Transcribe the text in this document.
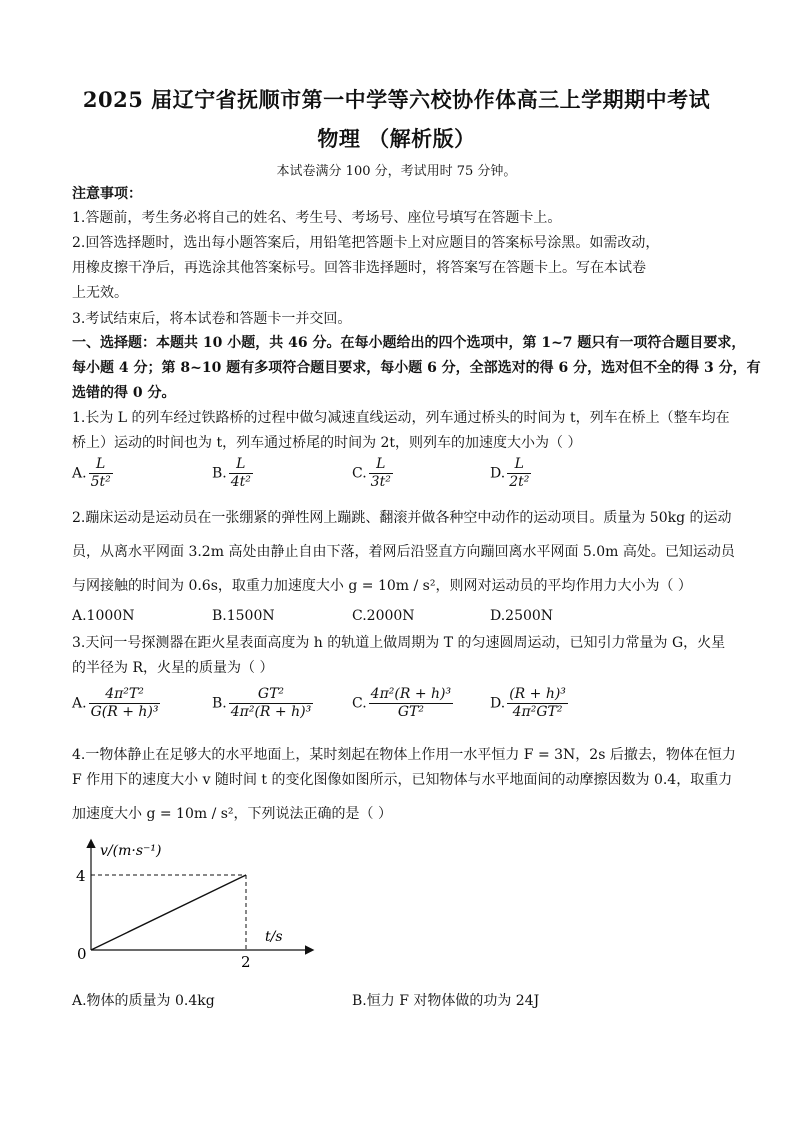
2025 届辽宁省抚顺市第一中学等六校协作体高三上学期期中考试
物理 （解析版）
本试卷满分 100 分，考试用时 75 分钟。
注意事项：
1.答题前，考生务必将自己的姓名、考生号、考场号、座位号填写在答题卡上。
2.回答选择题时，选出每小题答案后，用铅笔把答题卡上对应题目的答案标号涂黑。如需改动，
用橡皮擦干净后，再选涂其他答案标号。回答非选择题时，将答案写在答题卡上。写在本试卷
上无效。
3.考试结束后，将本试卷和答题卡一并交回。
一、选择题：本题共 10 小题，共 46 分。在每小题给出的四个选项中，第 1~7 题只有一项符合题目要求，
每小题 4 分；第 8~10 题有多项符合题目要求，每小题 6 分，全部选对的得 6 分，选对但不全的得 3 分，有
选错的得 0 分。
1.长为 L 的列车经过铁路桥的过程中做匀减速直线运动，列车通过桥头的时间为 t，列车在桥上（整车均在
桥上）运动的时间也为 t，列车通过桥尾的时间为 2t，则列车的加速度大小为（ ）
A. $\frac{L}{\text{5t²}}$	B. $\frac{L}{\text{4t²}}$	C. $\frac{L}{\text{3t²}}$	D. $\frac{L}{\text{2t²}}$
2.蹦床运动是运动员在一张绷紧的弹性网上蹦跳、翻滚并做各种空中动作的运动项目。质量为 50kg 的运动
员，从离水平网面 3.2m 高处由静止自由下落，着网后沿竖直方向蹦回离水平网面 5.0m 高处。已知运动员
与网接触的时间为 0.6s，取重力加速度大小 g = 10m / s²，则网对运动员的平均作用力大小为（ ）
A.1000N	B.1500N	C.2000N	D.2500N
3.天问一号探测器在距火星表面高度为 h 的轨道上做周期为 T 的匀速圆周运动，已知引力常量为 G，火星
的半径为 R，火星的质量为（ ）
A. $\frac{\text{4π²T²}}{\text{G(R + h)³}}$	B. $\frac{\text{GT²}}{\text{4π²(R + h)³}}$	C. $\frac{\text{4π²(R + h)³}}{\text{GT²}}$	D. $\frac{\text{(R + h)³}}{\text{4π²GT²}}$
4.一物体静止在足够大的水平地面上，某时刻起在物体上作用一水平恒力 F = 3N，2s 后撤去，物体在恒力
F 作用下的速度大小 v 随时间 t 的变化图像如图所示，已知物体与水平地面间的动摩擦因数为 0.4，取重力
加速度大小 g = 10m / s²，下列说法正确的是（ ）
v/(m·s⁻¹)
t/s
4
2
0
A.物体的质量为 0.4kg	B.恒力 F 对物体做的功为 24J
